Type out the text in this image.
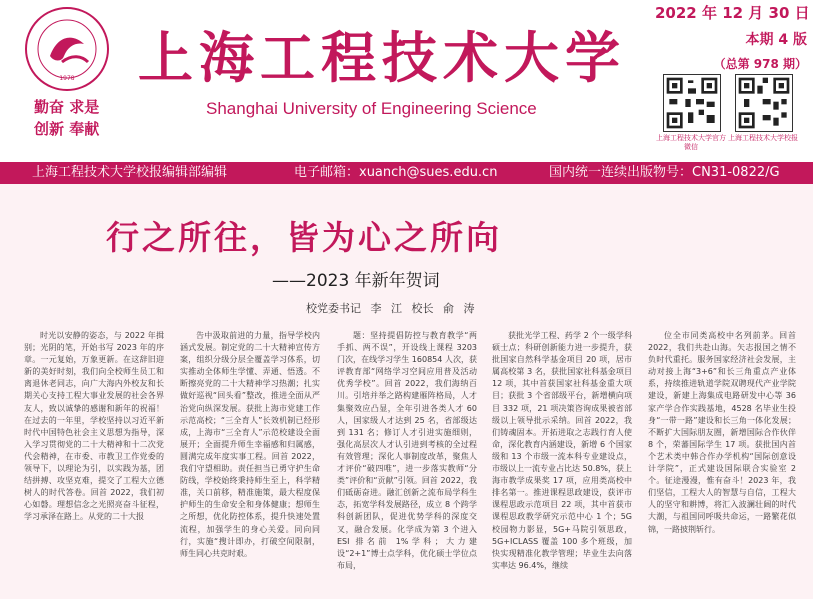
1978
勤奋 求是
创新 奉献
上海工程技术大学
Shanghai University of Engineering Science
2022 年 12 月 30 日
本期 4 版
（总第 978 期）
上海工程技术大学官方微信
上海工程技术大学校报
上海工程技术大学校报编辑部编辑	电子邮箱：xuanch@sues.edu.cn	国内统一连续出版物号：CN31-0822/G
行之所往，皆为心之所向
——2023 年新年贺词
校党委书记 李 江 校长 俞 涛

时光以安静的姿态，与 2022 年揖别；光阴的笔，开始书写 2023 年的序章。一元复始，万象更新。在这辞旧迎新的美好时刻，我们向全校师生员工和离退休老同志，向广大海内外校友和长期关心支持工程大事业发展的社会各界友人，致以诚挚的感谢和新年的祝福！在过去的一年里，学校坚持以习近平新时代中国特色社会主义思想为指导，深入学习贯彻党的二十大精神和十二次党代会精神，在市委、市教卫工作党委的领导下，以理论为引，以实践为基，团结拼搏、攻坚克难，提交了工程大立德树人的时代答卷。回首 2022，我们初心如磐。理想信念之光照亮奋斗征程，学习承泽在路上。从党的二十大报

告中汲取前进的力量，指导学校内涵式发展。制定党的二十大精神宣传方案，组织分级分层全覆盖学习体系，切实推动全体师生学懂、弄通、悟透。不断擦亮党的二十大精神学习热潮；扎实做好巡视“回头看”整改，推进全面从严治党向纵深发展。获批上海市党建工作示范高校；“三全育人”长效机制已经形成，上海市“三全育人”示范校建设全面展开；全面提升师生幸福感和归属感，圆满完成年度实事工程。回首 2022，我们守望相助。责任担当已勇守护生命防线，学校始终秉持师生至上，科学精准，关口前移，精准施策，最大程度保护师生的生命安全和身体健康；想师生之所想，优化防控体系，提升快速处置流程，加强学生的身心关爱。同向同行，实施“搜计即办，打破空间限制，师生同心共克时艰。

题：坚持提倡防控与教育教学“两手抓、两不误”，开设线上课程 3203 门次，在线学习学生 160854 人次，获评教育部“网络学习空间应用普及活动优秀学校”。回首 2022，我们海纳百川。引培并举之路构建雁阵格局，人才集聚效应凸显，全年引进各类人才 60 人，国家级人才达到 25 名，省部级达到 131 名；修订人才引进实施细则，强化高层次人才认引进到考核的全过程有效管理；深化人事制度改革，聚焦人才评价“破四唯”，进一步落实教师“分类”评价和“贡献”引领。回首 2022，我们砥砺奋进。融汇创新之流布局学科生态，拓宽学科发展路径，成立 8 个跨学科创新团队，促进优势学科的深度交叉，融合发展。化学成为第 3 个进入 ESI 排名前 1%学科；大力建设“2+1”博士点学科，优化硕士学位点布局，

获批光学工程、药学 2 个一级学科硕士点；科研创新能力进一步提升，获批国家自然科学基金项目 20 项，居市属高校第 3 名，获批国家社科基金项目 12 项，其中首获国家社科基金重大项目；获批 3 个省部级平台，新增横向项目 332 项，21 项决策咨询成果被省部级以上领导批示采纳。回首 2022，我们铸魂固本。开拓进取之志践行育人使命，深化教育内涵建设，新增 6 个国家级和 13 个市级一流本科专业建设点，市级以上一流专业占比达 50.8%，获上海市教学成果奖 17 项，应用类高校中排名第一。推进课程思政建设，获评市课程思政示范项目 22 项，其中首获市课程思政教学研究示范中心 1 个；5G 校园物力影显，5G+马院引领思政，5G+ICLASS 覆盖 100 多个班级，加快实现精准化教学管理；毕业生去向落实率达 96.4%，继续

位全市同类高校中名列前茅。回首 2022，我们共赴山海。矢志报国之情不负时代重托。服务国家经济社会发展，主动对接上海“3+6”和长三角重点产业体系，持续推进轨道学院双聘现代产业学院建设，新建上海集成电路研发中心等 36 家产学合作实践基地，4528 名毕业生投身“一带一路”建设和长三角一体化发展；不断扩大国际朋友圈，新增国际合作伙伴 8 个，荣蕃国际学生 17 项。获批国内首个艺术类中韩合作办学机构“国际创意设计学院”，正式建设国际联合实验室 2 个。征途漫漫，惟有奋斗！2023 年，我们坚信，工程大人的智慧与自信，工程大人的坚守和耕博，将汇入波澜壮阔的时代大潮，与祖国同呼吸共命运，一路繁花似锦，一路披荆斩行。
